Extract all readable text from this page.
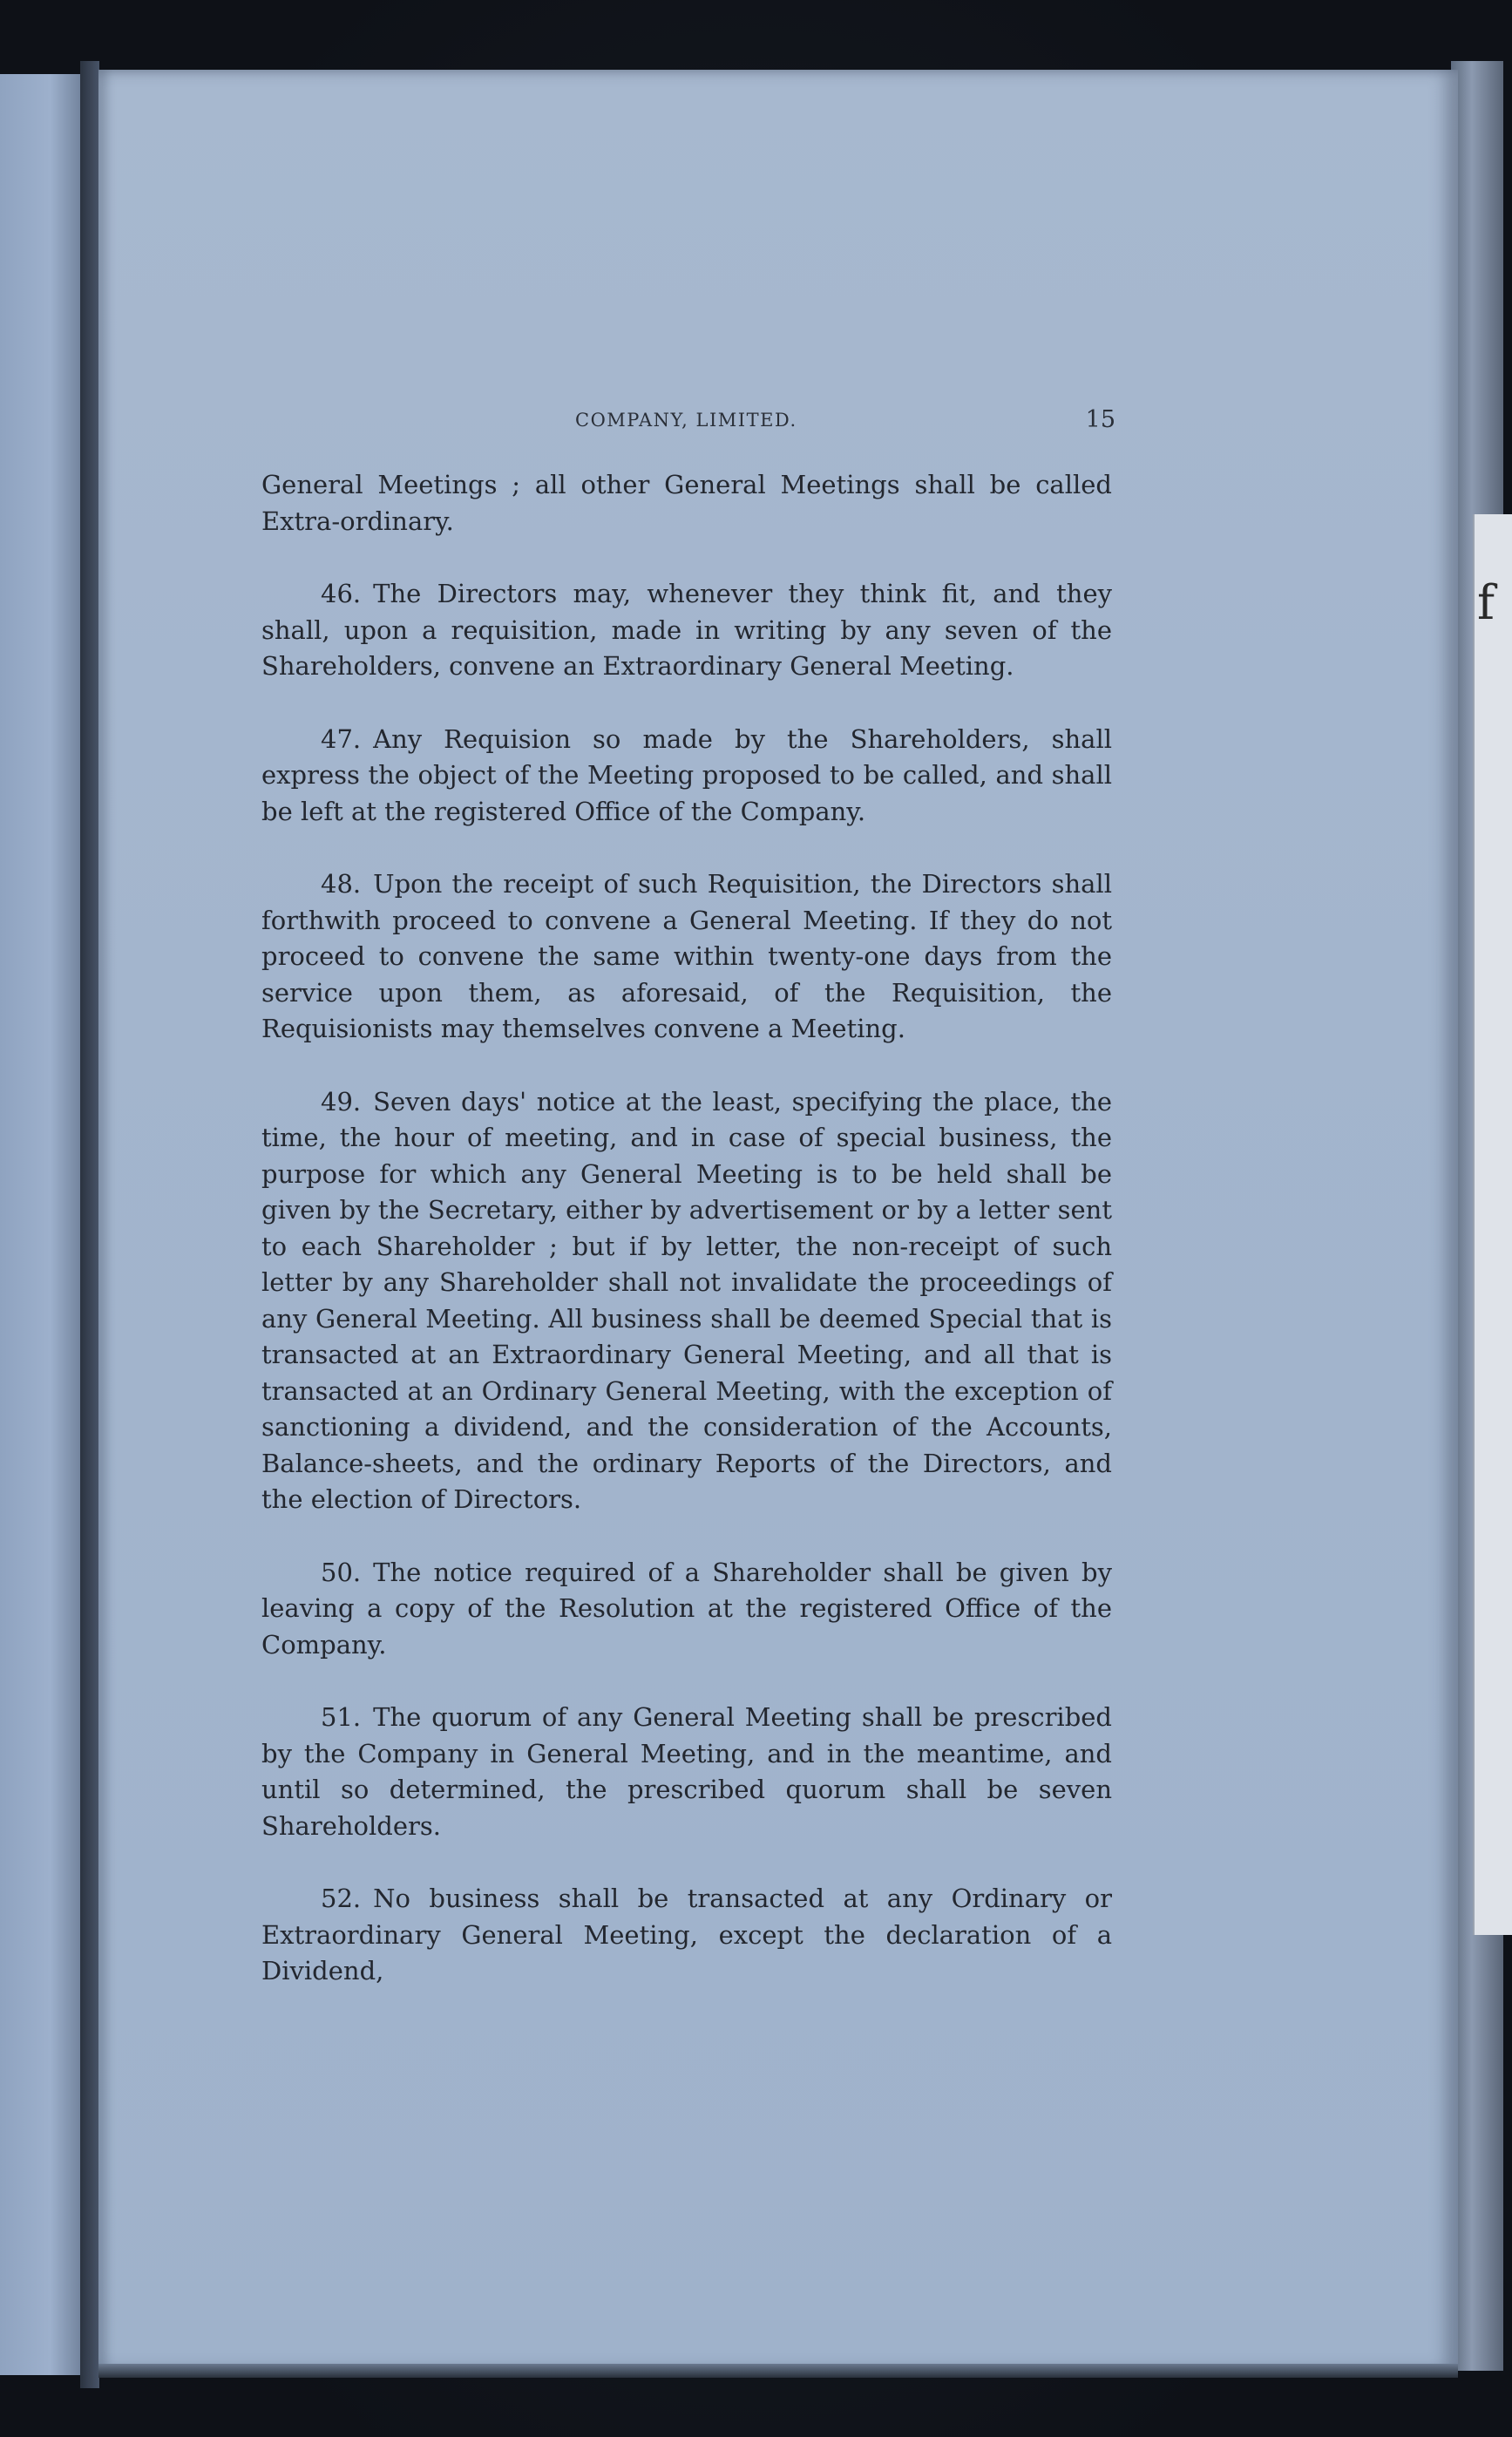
f
COMPANY, LIMITED.	15

General Meetings ; all other General Meetings shall be called Extra-ordinary.

46. The Directors may, whenever they think fit, and they shall, upon a requisition, made in writing by any seven of the Shareholders, convene an Extraordinary General Meeting.

47. Any Requision so made by the Shareholders, shall express the object of the Meeting proposed to be called, and shall be left at the registered Office of the Company.

48. Upon the receipt of such Requisition, the Directors shall forthwith proceed to convene a General Meeting. If they do not proceed to convene the same within twenty-one days from the service upon them, as aforesaid, of the Requisition, the Requisionists may themselves convene a Meeting.

49. Seven days' notice at the least, specifying the place, the time, the hour of meeting, and in case of special business, the purpose for which any General Meeting is to be held shall be given by the Secretary, either by advertisement or by a letter sent to each Shareholder ; but if by letter, the non-receipt of such letter by any Shareholder shall not invalidate the proceedings of any General Meeting. All business shall be deemed Special that is transacted at an Extraordinary General Meeting, and all that is transacted at an Ordinary General Meeting, with the exception of sanctioning a dividend, and the consideration of the Accounts, Balance-sheets, and the ordinary Reports of the Directors, and the election of Directors.

50. The notice required of a Shareholder shall be given by leaving a copy of the Resolution at the registered Office of the Company.

51. The quorum of any General Meeting shall be prescribed by the Company in General Meeting, and in the meantime, and until so determined, the prescribed quorum shall be seven Shareholders.

52. No business shall be transacted at any Ordinary or Extraordinary General Meeting, except the declaration of a Dividend,
